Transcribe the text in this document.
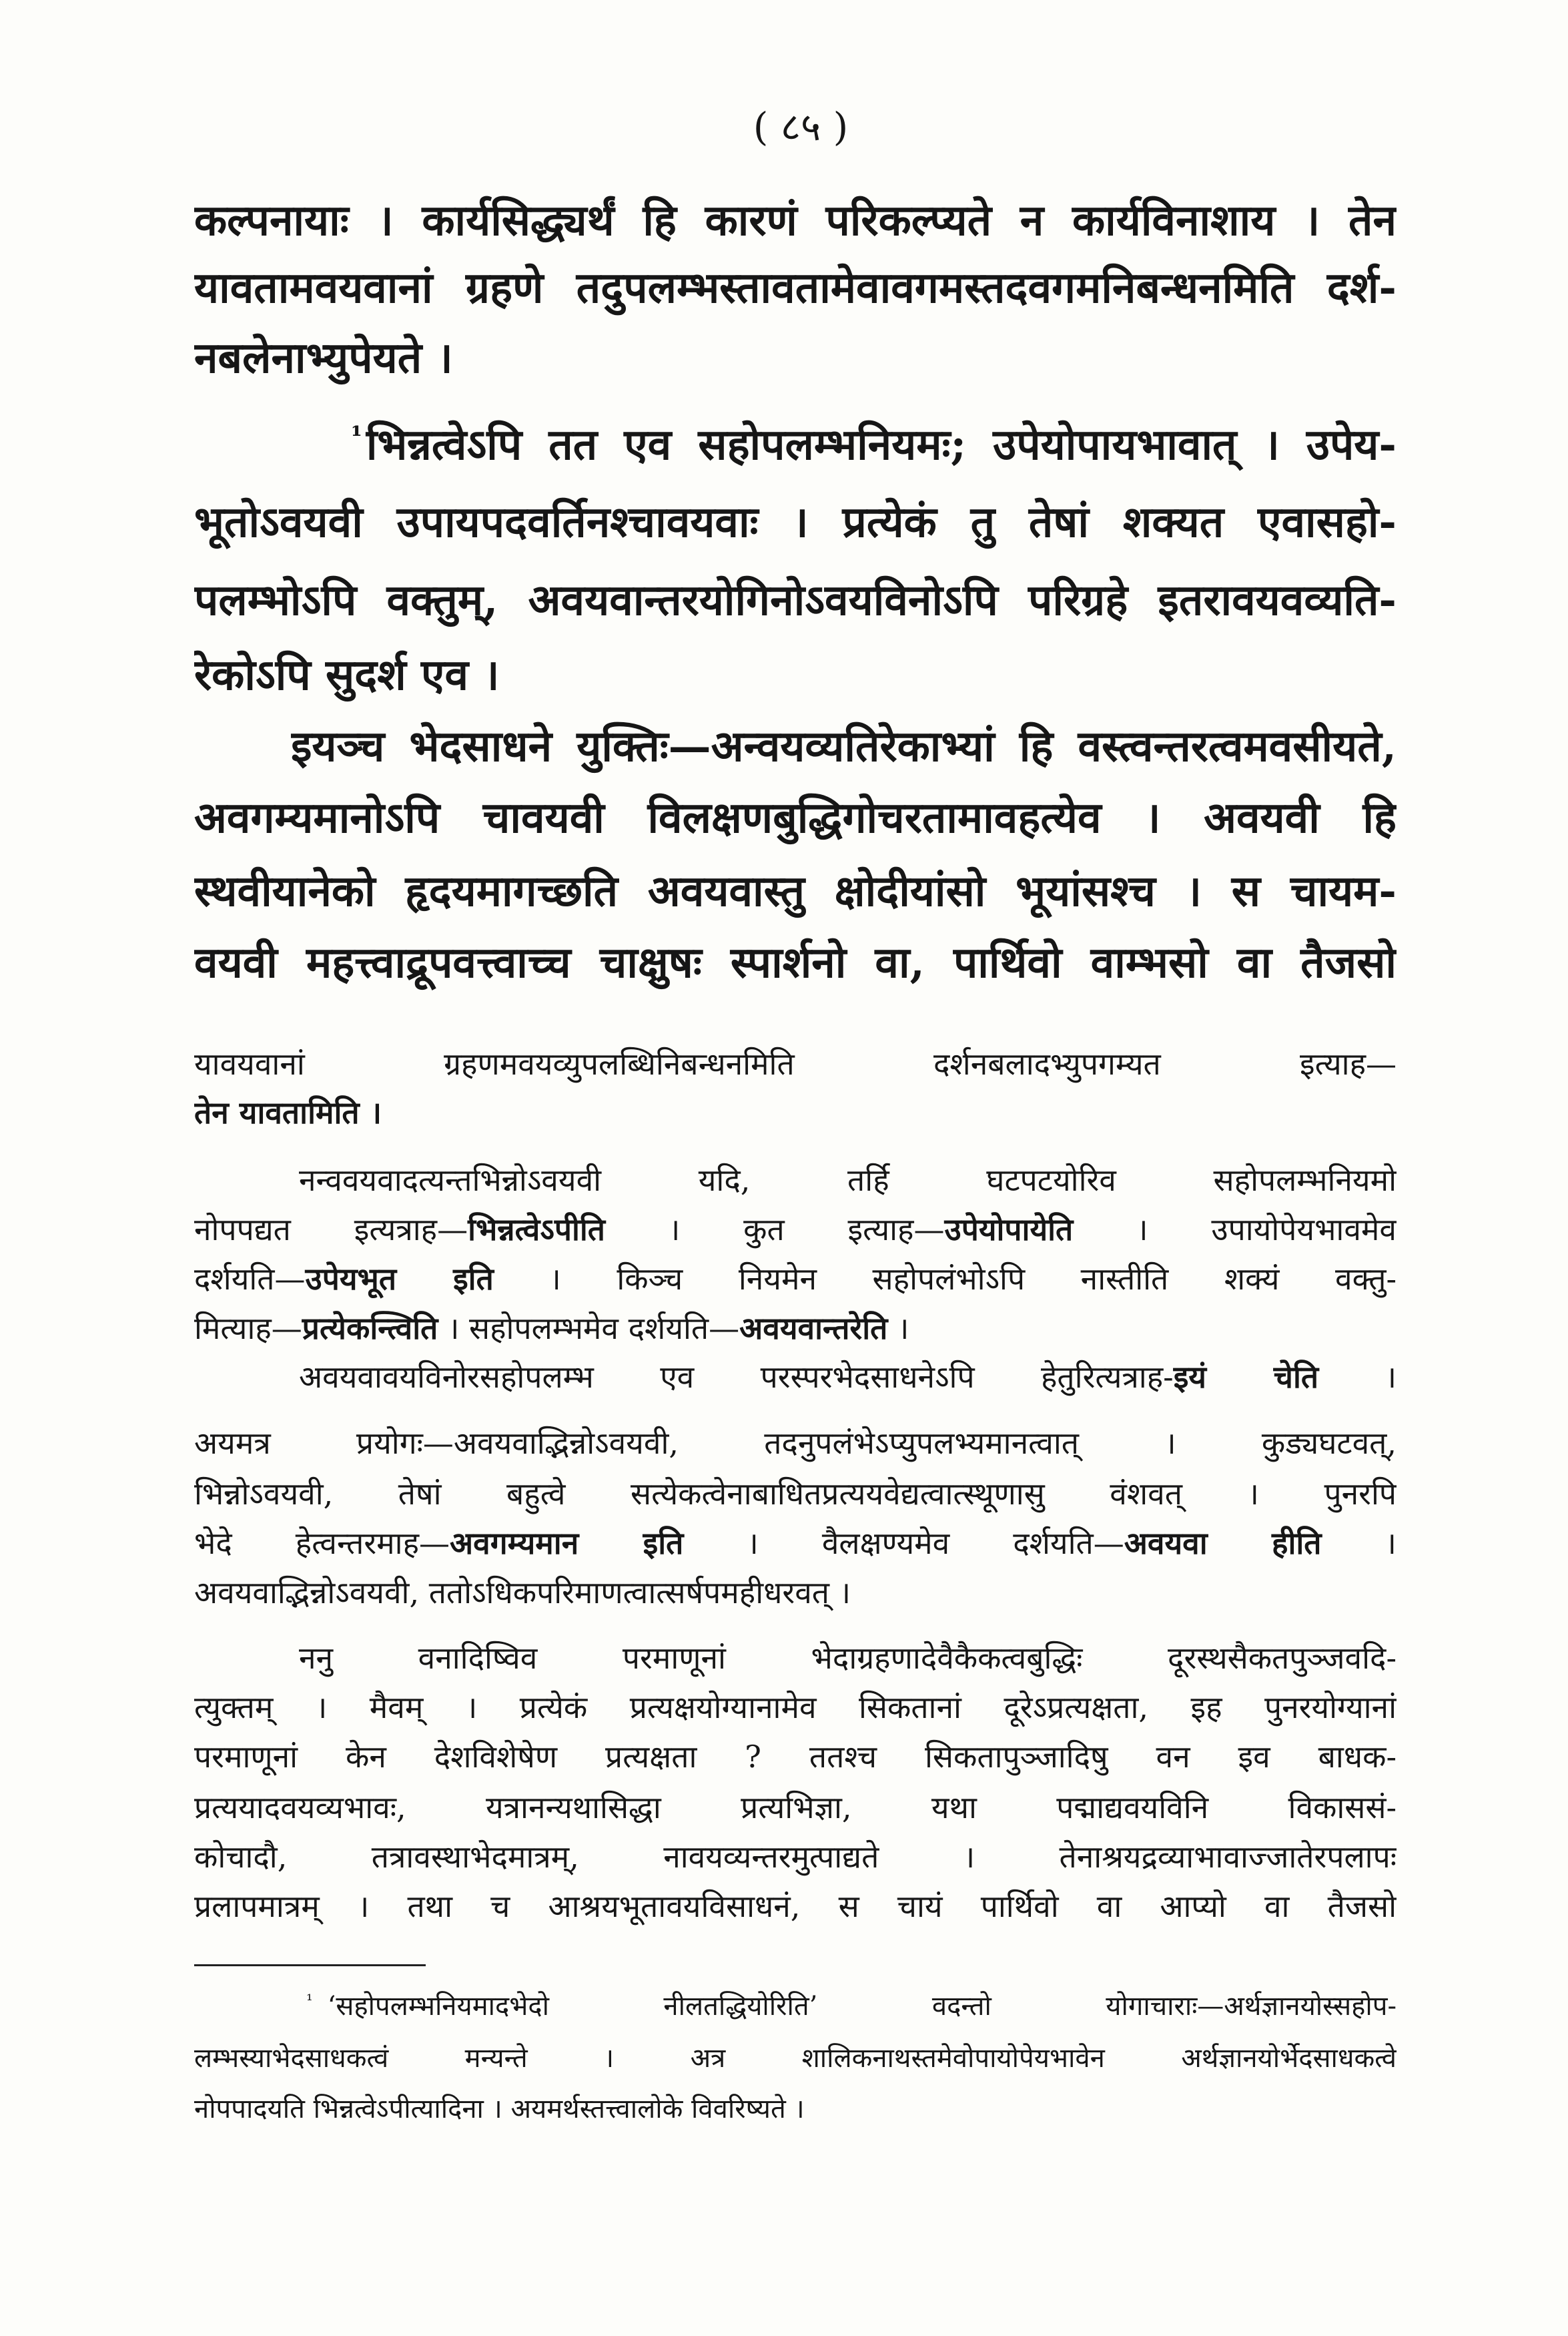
( ८५ )
कल्पनायाः । कार्यसिद्ध्यर्थं हि कारणं परिकल्प्यते न कार्यविनाशाय । तेन
यावतामवयवानां ग्रहणे तदुपलम्भस्तावतामेवावगमस्तदवगमनिबन्धनमिति दर्श-
नबलेनाभ्युपेयते ।
$^{^1}$भिन्नत्वेऽपि तत एव सहोपलम्भनियमः; उपेयोपायभावात् । उपेय-
भूतोऽवयवी उपायपदवर्तिनश्चावयवाः । प्रत्येकं तु तेषां शक्यत एवासहो-
पलम्भोऽपि वक्तुम्, अवयवान्तरयोगिनोऽवयविनोऽपि परिग्रहे इतरावयवव्यति-
रेकोऽपि सुदर्श एव ।
इयञ्च भेदसाधने युक्तिः—अन्वयव्यतिरेकाभ्यां हि वस्त्वन्तरत्वमवसीयते,
अवगम्यमानोऽपि चावयवी विलक्षणबुद्धिगोचरतामावहत्येव । अवयवी हि
स्थवीयानेको हृदयमागच्छति अवयवास्तु क्षोदीयांसो भूयांसश्च । स चायम-
वयवी महत्त्वाद्रूपवत्त्वाच्च चाक्षुषः स्पार्शनो वा, पार्थिवो वाम्भसो वा तैजसो
यावयवानां ग्रहणमवयव्युपलब्धिनिबन्धनमिति दर्शनबलादभ्युपगम्यत इत्याह—
तेन यावतामिति ।
नन्ववयवादत्यन्तभिन्नोऽवयवी यदि, तर्हि घटपटयोरिव सहोपलम्भनियमो
नोपपद्यत इत्यत्राह—भिन्नत्वेऽपीति । कुत इत्याह—उपेयोपायेति । उपायोपेयभावमेव
दर्शयति—उपेयभूत इति । किञ्च नियमेन सहोपलंभोऽपि नास्तीति शक्यं वक्तु-
मित्याह—प्रत्येकन्त्विति । सहोपलम्भमेव दर्शयति—अवयवान्तरेति ।
अवयवावयविनोरसहोपलम्भ एव परस्परभेदसाधनेऽपि हेतुरित्यत्राह-इयं चेति ।
अयमत्र प्रयोगः—अवयवाद्भिन्नोऽवयवी, तदनुपलंभेऽप्युपलभ्यमानत्वात् । कुड्यघटवत्,
भिन्नोऽवयवी, तेषां बहुत्वे सत्येकत्वेनाबाधितप्रत्ययवेद्यत्वात्स्थूणासु वंशवत् । पुनरपि
भेदे हेत्वन्तरमाह—अवगम्यमान इति । वैलक्षण्यमेव दर्शयति—अवयवा हीति ।
अवयवाद्भिन्नोऽवयवी, ततोऽधिकपरिमाणत्वात्सर्षपमहीधरवत् ।
ननु वनादिष्विव परमाणूनां भेदाग्रहणादेवैकैकत्वबुद्धिः दूरस्थसैकतपुञ्जवदि-
त्युक्तम् । मैवम् । प्रत्येकं प्रत्यक्षयोग्यानामेव सिकतानां दूरेऽप्रत्यक्षता, इह पुनरयोग्यानां
परमाणूनां केन देशविशेषेण प्रत्यक्षता ? ततश्च सिकतापुञ्जादिषु वन इव बाधक-
प्रत्ययादवयव्यभावः, यत्रानन्यथासिद्धा प्रत्यभिज्ञा, यथा पद्माद्यवयविनि विकाससं-
कोचादौ, तत्रावस्थाभेदमात्रम्, नावयव्यन्तरमुत्पाद्यते । तेनाश्रयद्रव्याभावाज्जातेरपलापः
प्रलापमात्रम् । तथा च आश्रयभूतावयविसाधनं, स चायं पार्थिवो वा आप्यो वा तैजसो
$^{^1}$ ‘सहोपलम्भनियमादभेदो नीलतद्धियोरिति’ वदन्तो योगाचाराः—अर्थज्ञानयोस्सहोप-
लम्भस्याभेदसाधकत्वं मन्यन्ते । अत्र शालिकनाथस्तमेवोपायोपेयभावेन अर्थज्ञानयोर्भेदसाधकत्वे
नोपपादयति भिन्नत्वेऽपीत्यादिना । अयमर्थस्तत्त्वालोके विवरिष्यते ।
